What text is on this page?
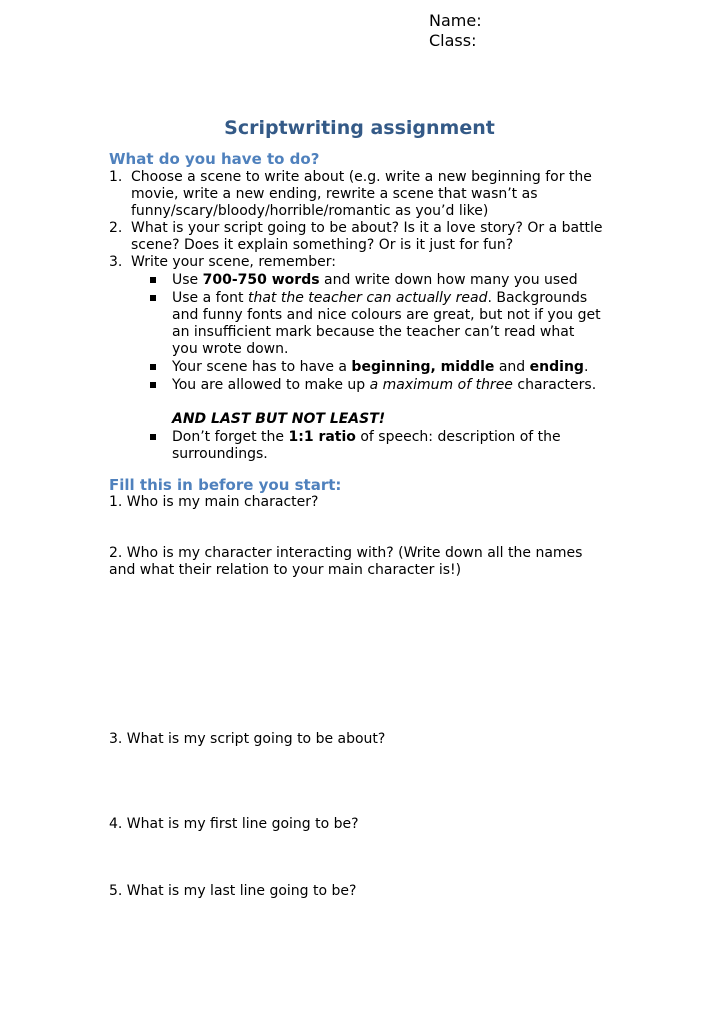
Name:
Class:
Scriptwriting assignment
What do you have to do?
1. Choose a scene to write about (e.g. write a new beginning for the
movie, write a new ending, rewrite a scene that wasn’t as
funny/scary/bloody/horrible/romantic as you’d like)
2. What is your script going to be about? Is it a love story? Or a battle
scene? Does it explain something? Or is it just for fun?
3. Write your scene, remember:
Use 700-750 words and write down how many you used
Use a font that the teacher can actually read. Backgrounds
and funny fonts and nice colours are great, but not if you get
an insufficient mark because the teacher can’t read what
you wrote down.
Your scene has to have a beginning, middle and ending.
You are allowed to make up a maximum of three characters.
AND LAST BUT NOT LEAST!
Don’t forget the 1:1 ratio of speech: description of the
surroundings.
Fill this in before you start:
1. Who is my main character?
2. Who is my character interacting with? (Write down all the names
and what their relation to your main character is!)
3. What is my script going to be about?
4. What is my first line going to be?
5. What is my last line going to be?
